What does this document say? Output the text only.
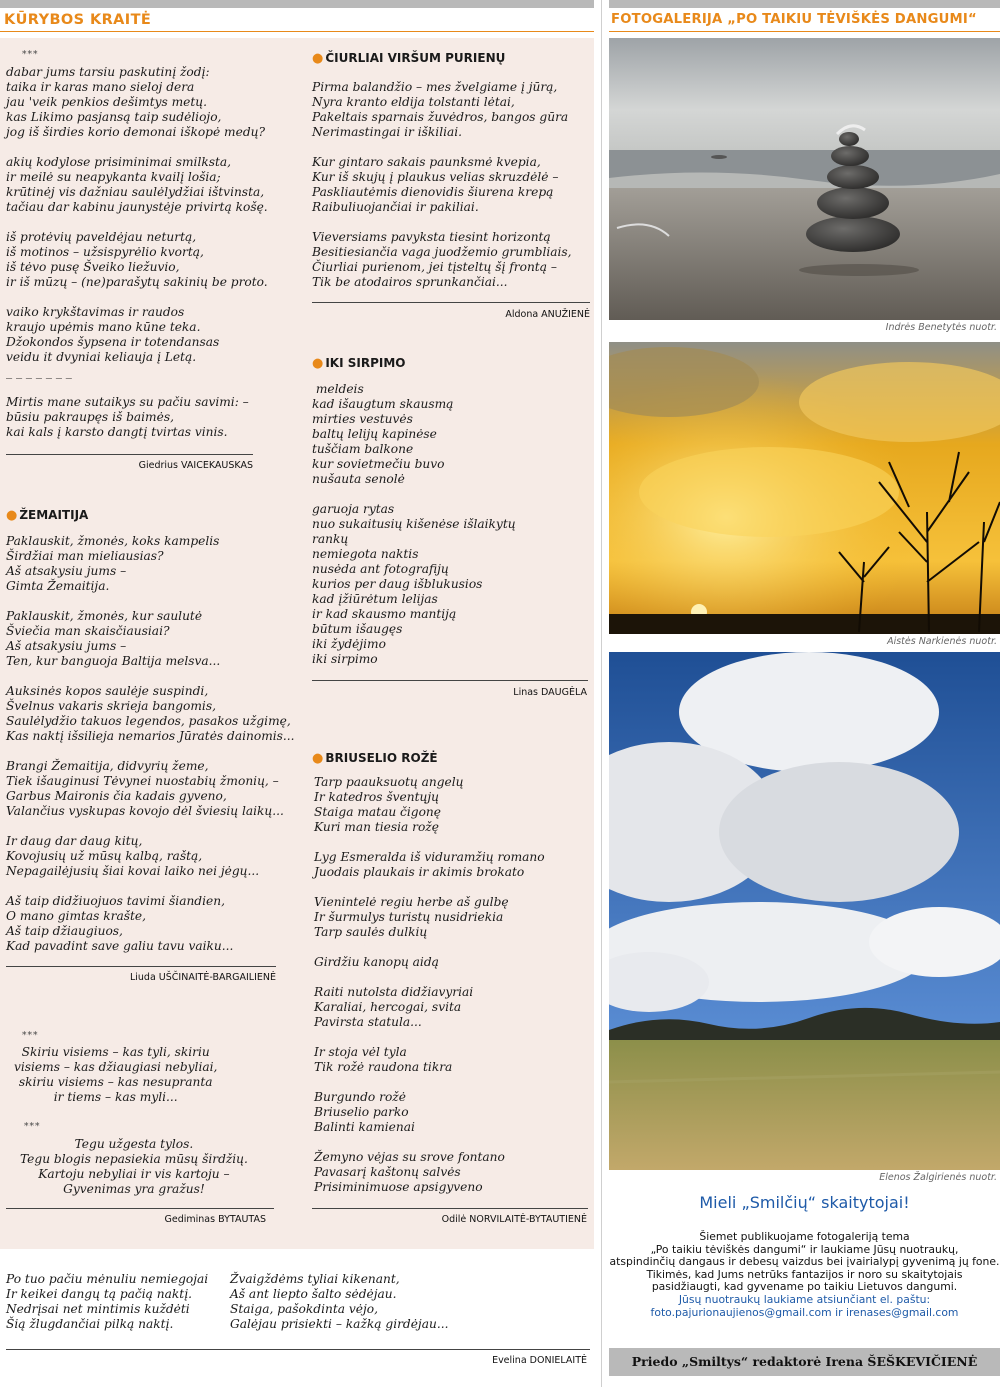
KŪRYBOS KRAITĖ	FOTOGALERIJA „PO TAIKIU TĖVIŠKĖS DANGUMI“
***
dabar jums tarsiu paskutinį žodį:
taika ir karas mano sieloj dera
jau 'veik penkios dešimtys metų.
kas Likimo pasjansą taip sudėliojo,
jog iš širdies korio demonai iškopė medų?

akių kodylose prisiminimai smilksta,
ir meilė su neapykanta kvailį lošia;
krūtinėj vis dažniau saulėlydžiai ištvinsta,
tačiau dar kabinu jaunystėje privirtą košę.

iš protėvių paveldėjau neturtą,
iš motinos – užsispyrėlio kvortą,
iš tėvo pusę Šveiko liežuvio,
ir iš mūzų – (ne)parašytų sakinių be proto.

vaiko krykštavimas ir raudos
kraujo upėmis mano kūne teka.
Džokondos šypsena ir totendansas
veidu it dvyniai keliauja į Letą.
_ _ _ _ _ _ _

Mirtis mane sutaikys su pačiu savimi: –
būsiu pakraupęs iš baimės,
kai kals į karsto dangtį tvirtas vinis.
Giedrius VAICEKAUSKAS
● ŽEMAITIJA
Paklauskit, žmonės, koks kampelis
Širdžiai man mieliausias?
Aš atsakysiu jums –
Gimta Žemaitija.

Paklauskit, žmonės, kur saulutė
Šviečia man skaisčiausiai?
Aš atsakysiu jums –
Ten, kur banguoja Baltija melsva...

Auksinės kopos saulėje suspindi,
Švelnus vakaris skrieja bangomis,
Saulėlydžio takuos legendos, pasakos užgimę,
Kas naktį išsilieja nemarios Jūratės dainomis...

Brangi Žemaitija, didvyrių žeme,
Tiek išauginusi Tėvynei nuostabių žmonių, –
Garbus Maironis čia kadais gyveno,
Valančius vyskupas kovojo dėl šviesių laikų...

Ir daug dar daug kitų,
Kovojusių už mūsų kalbą, raštą,
Nepagailėjusių šiai kovai laiko nei jėgų...

Aš taip didžiuojuos tavimi šiandien,
O mano gimtas krašte,
Aš taip džiaugiuos,
Kad pavadint save galiu tavu vaiku...
Liuda UŠČINAITĖ-BARGAILIENĖ
***
Skiriu visiems – kas tyli, skiriu
visiems – kas džiaugiasi nebyliai,
skiriu visiems – kas nesupranta
ir tiems – kas myli...
***
Tegu užgesta tylos.
Tegu blogis nepasiekia mūsų širdžių.
Kartoju nebyliai ir vis kartoju –
Gyvenimas yra gražus!
Gediminas BYTAUTAS
● ČIURLIAI VIRŠUM PURIENŲ
Pirma balandžio – mes žvelgiame į jūrą,
Nyra kranto eldija tolstanti lėtai,
Pakeltais sparnais žuvėdros, bangos gūra
Nerimastingai ir iškiliai.

Kur gintaro sakais paunksmė kvepia,
Kur iš skujų į plaukus velias skruzdėlė –
Paskliautėmis dienovidis šiurena krepą
Raibuliuojančiai ir pakiliai.

Vieversiams pavyksta tiesint horizontą
Besitiesiančia vaga juodžemio grumbliais,
Čiurliai purienom, jei tįsteltų šį frontą –
Tik be atodairos sprunkančiai...
Aldona ANUŽIENĖ
● IKI SIRPIMO
meldeis
kad išaugtum skausmą
mirties vestuvės
baltų lelijų kapinėse
tuščiam balkone
kur sovietmečiu buvo
nušauta senolė

garuoja rytas
nuo sukaitusių kišenėse išlaikytų
rankų
nemiegota naktis
nusėda ant fotografijų
kurios per daug išblukusios
kad įžiūrėtum lelijas
ir kad skausmo mantiją
būtum išaugęs
iki žydėjimo
iki sirpimo
Linas DAUGĖLA
● BRIUSELIO ROŽĖ
Tarp paauksuotų angelų
Ir katedros šventųjų
Staiga matau čigonę
Kuri man tiesia rožę

Lyg Esmeralda iš viduramžių romano
Juodais plaukais ir akimis brokato

Vienintelė regiu herbe aš gulbę
Ir šurmulys turistų nusidriekia
Tarp saulės dulkių

Girdžiu kanopų aidą

Raiti nutolsta didžiavyriai
Karaliai, hercogai, svita
Pavirsta statula...

Ir stoja vėl tyla
Tik rožė raudona tikra

Burgundo rožė
Briuselio parko
Balinti kamienai

Žemyno vėjas su srove fontano
Pavasarį kaštonų salvės
Prisiminimuose apsigyveno
Odilė NORVILAITĖ-BYTAUTIENĖ
Po tuo pačiu mėnuliu nemiegojai
Ir keikei dangų tą pačią naktį.
Nedrįsai net mintimis kuždėti
Šią žlugdančiai pilką naktį.
Žvaigždėms tyliai kikenant,
Aš ant liepto šalto sėdėjau.
Staiga, pašokdinta vėjo,
Galėjau prisiekti – kažką girdėjau...
Evelina DONIELAITĖ
Indrės Benetytės nuotr.
Aistės Narkienės nuotr.
Elenos Žalgirienės nuotr.
Mieli „Smilčių“ skaitytojai!
Šiemet publikuojame fotogaleriją tema
„Po taikiu tėviškės dangumi“ ir laukiame Jūsų nuotraukų,
atspindinčių dangaus ir debesų vaizdus bei įvairialypį gyvenimą jų fone.
Tikimės, kad Jums netrūks fantazijos ir noro su skaitytojais
pasidžiaugti, kad gyvename po taikiu Lietuvos dangumi.
Jūsų nuotraukų laukiame atsiunčiant el. paštu:
foto.pajurionaujienos@gmail.com ir irenases@gmail.com
Priedo „Smiltys“ redaktorė Irena ŠEŠKEVIČIENĖ
